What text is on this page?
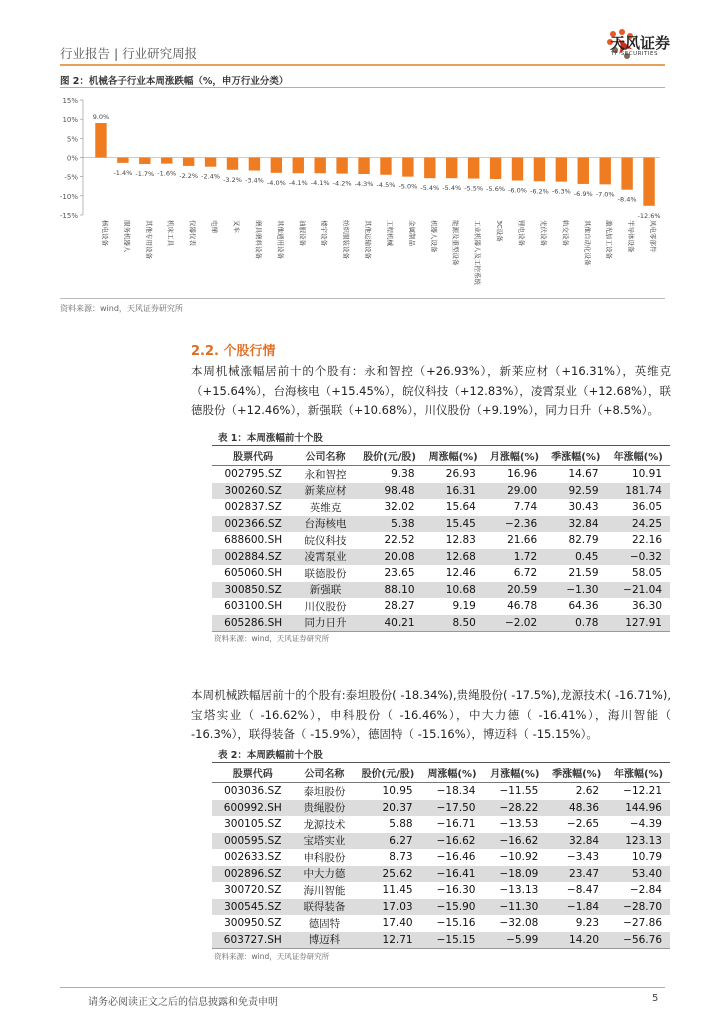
行业报告 | 行业研究周报
天风证券
TF SECURITIES
图 2：机械各子行业本周涨跌幅（%，申万行业分类）
15%
10%
5%
0%
-5%
-10%
-15%
9.0%
核电设备
-1.4%
服务机器人
-1.7%
其他专用设备
-1.6%
机床工具
-2.2%
仪器仪表
-2.4%
电梯
-3.2%
叉车
-3.4%
磨具磨料设备
-4.0%
其他通用设备
-4.1%
油服设备
-4.1%
楼宇设备
-4.2%
纺织服装设备
-4.3%
其他运输设备
-4.5%
工程机械
-5.0%
金属制品
-5.4%
机器人设备
-5.4%
能源及重型设备
-5.5%
工业机器人及工控系统
-5.6%
3C设备
-6.0%
锂电设备
-6.2%
光伏设备
-6.3%
轨交设备
-6.9%
其他自动化设备
-7.0%
激光加工设备
-8.4%
半导体设备
-12.6%
风电零部件
资料来源：wind，天风证券研究所
2.2. 个股行情
本周机械涨幅居前十的个股有：永和智控（+26.93%），新莱应材（+16.31%），英维克（+15.64%），台海核电（+15.45%），皖仪科技（+12.83%），凌霄泵业（+12.68%），联德股份（+12.46%），新强联（+10.68%），川仪股份（+9.19%），同力日升（+8.5%）。
表 1：本周涨幅前十个股
股票代码	公司名称	股价(元/股)	周涨幅(%)	月涨幅(%)	季涨幅(%)	年涨幅(%)
002795.SZ	永和智控	9.38	26.93	16.96	14.67	10.91
300260.SZ	新莱应材	98.48	16.31	29.00	92.59	181.74
002837.SZ	英维克	32.02	15.64	7.74	30.43	36.05
002366.SZ	台海核电	5.38	15.45	−2.36	32.84	24.25
688600.SH	皖仪科技	22.52	12.83	21.66	82.79	22.16
002884.SZ	凌霄泵业	20.08	12.68	1.72	0.45	−0.32
605060.SH	联德股份	23.65	12.46	6.72	21.59	58.05
300850.SZ	新强联	88.10	10.68	20.59	−1.30	−21.04
603100.SH	川仪股份	28.27	9.19	46.78	64.36	36.30
605286.SH	同力日升	40.21	8.50	−2.02	0.78	127.91
资料来源：wind，天风证券研究所
本周机械跌幅居前十的个股有:泰坦股份( -18.34%),贵绳股份( -17.5%),龙源技术( -16.71%),宝塔实业（ -16.62%），申科股份（ -16.46%），中大力德（ -16.41%），海川智能（ -16.3%），联得装备（ -15.9%），德固特（ -15.16%），博迈科（ -15.15%）。
表 2：本周跌幅前十个股
股票代码	公司名称	股价(元/股)	周涨幅(%)	月涨幅(%)	季涨幅(%)	年涨幅(%)
003036.SZ	泰坦股份	10.95	−18.34	−11.55	2.62	−12.21
600992.SH	贵绳股份	20.37	−17.50	−28.22	48.36	144.96
300105.SZ	龙源技术	5.88	−16.71	−13.53	−2.65	−4.39
000595.SZ	宝塔实业	6.27	−16.62	−16.62	32.84	123.13
002633.SZ	申科股份	8.73	−16.46	−10.92	−3.43	10.79
002896.SZ	中大力德	25.62	−16.41	−18.09	23.47	53.40
300720.SZ	海川智能	11.45	−16.30	−13.13	−8.47	−2.84
300545.SZ	联得装备	17.03	−15.90	−11.30	−1.84	−28.70
300950.SZ	德固特	17.40	−15.16	−32.08	9.23	−27.86
603727.SH	博迈科	12.71	−15.15	−5.99	14.20	−56.76
资料来源：wind，天风证券研究所
请务必阅读正文之后的信息披露和免责申明	5
